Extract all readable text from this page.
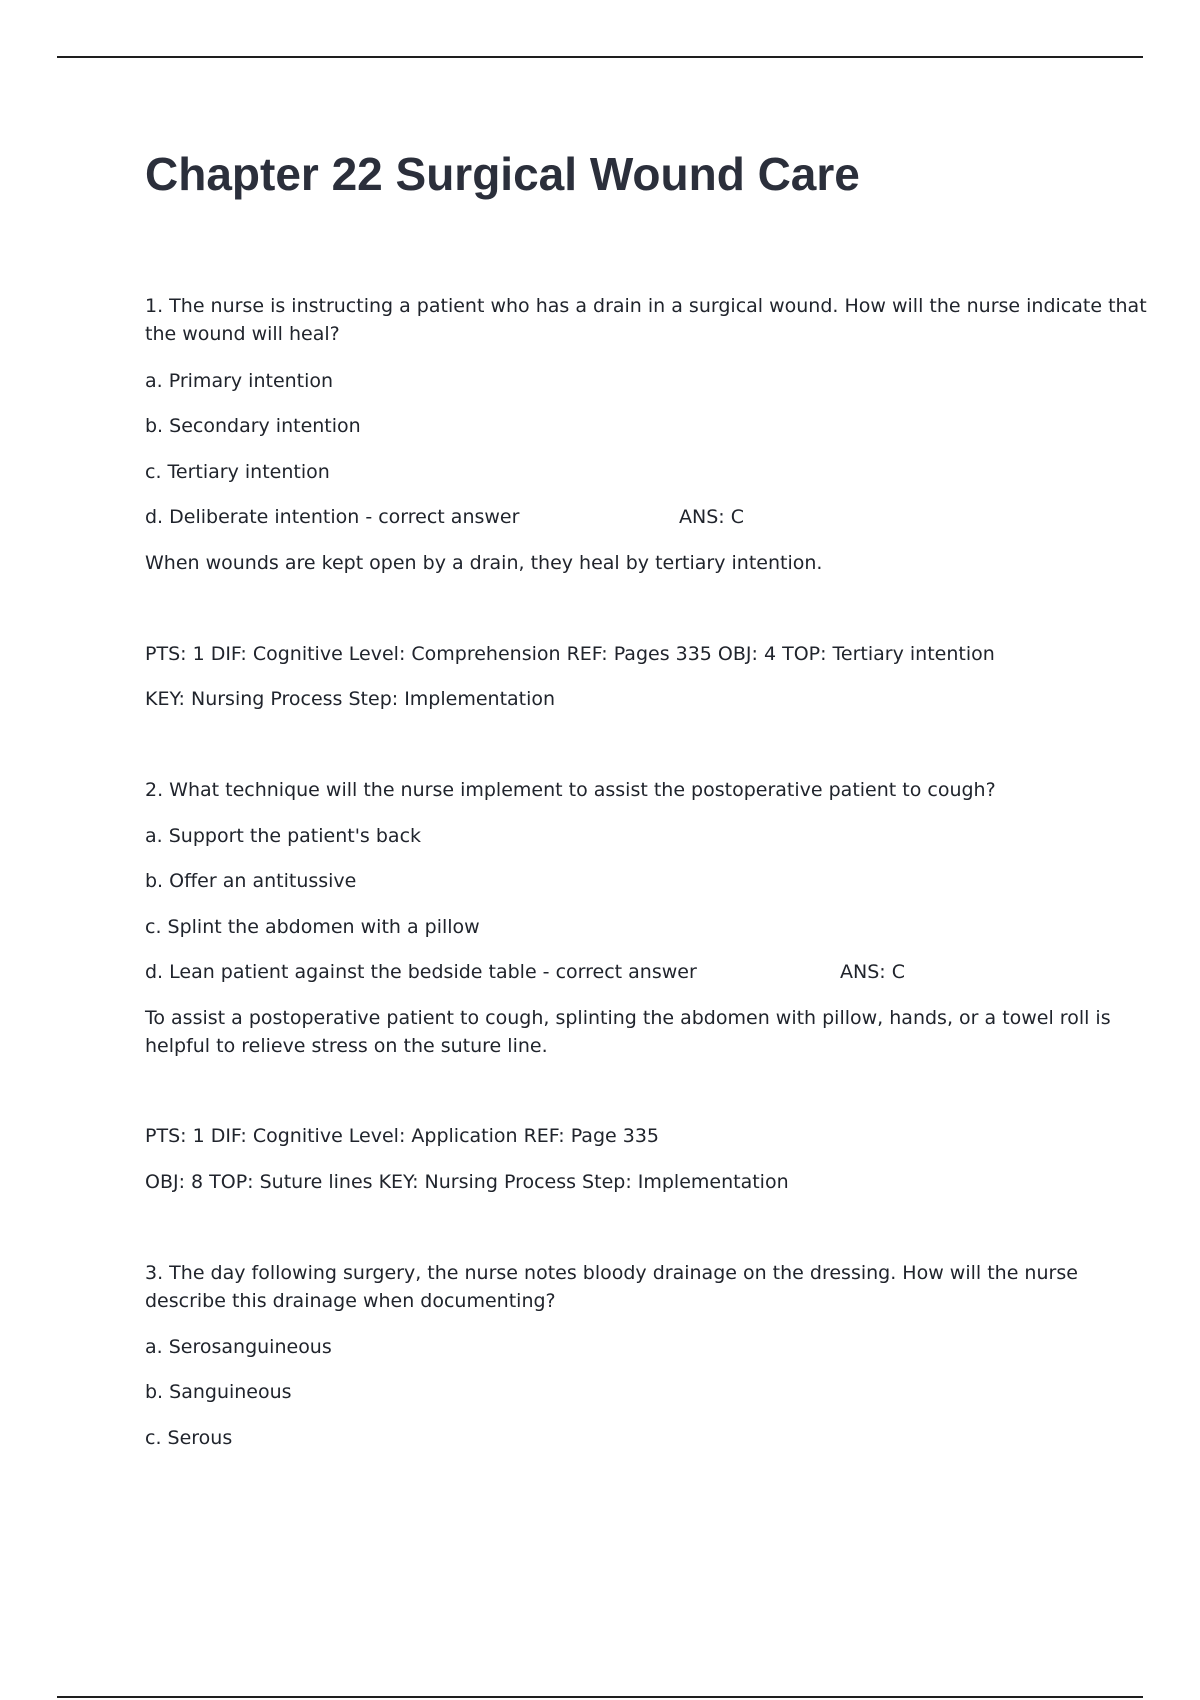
Chapter 22 Surgical Wound Care

1. The nurse is instructing a patient who has a drain in a surgical wound. How will the nurse indicate that

the wound will heal?

a. Primary intention

b. Secondary intention

c. Tertiary intention

d. Deliberate intention - correct answer	ANS: C

When wounds are kept open by a drain, they heal by tertiary intention.

PTS: 1 DIF: Cognitive Level: Comprehension REF: Pages 335 OBJ: 4 TOP: Tertiary intention

KEY: Nursing Process Step: Implementation

2. What technique will the nurse implement to assist the postoperative patient to cough?

a. Support the patient's back

b. Offer an antitussive

c. Splint the abdomen with a pillow

d. Lean patient against the bedside table - correct answer	ANS: C

To assist a postoperative patient to cough, splinting the abdomen with pillow, hands, or a towel roll is

helpful to relieve stress on the suture line.

PTS: 1 DIF: Cognitive Level: Application REF: Page 335

OBJ: 8 TOP: Suture lines KEY: Nursing Process Step: Implementation

3. The day following surgery, the nurse notes bloody drainage on the dressing. How will the nurse

describe this drainage when documenting?

a. Serosanguineous

b. Sanguineous

c. Serous
